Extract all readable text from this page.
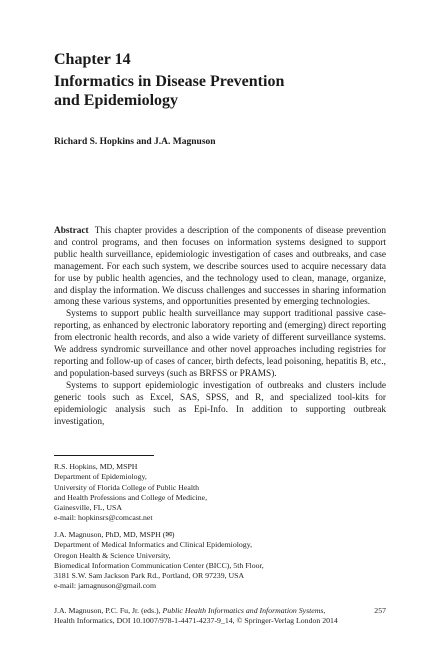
Chapter 14
Informatics in Disease Prevention
and Epidemiology
Richard S. Hopkins and J.A. Magnuson

Abstract This chapter provides a description of the components of disease prevention and control programs, and then focuses on information systems designed to support public health surveillance, epidemiologic investigation of cases and outbreaks, and case management. For each such system, we describe sources used to acquire necessary data for use by public health agencies, and the technology used to clean, manage, organize, and display the information. We discuss challenges and successes in sharing information among these various systems, and opportunities presented by emerging technologies.

Systems to support public health surveillance may support traditional passive case-reporting, as enhanced by electronic laboratory reporting and (emerging) direct reporting from electronic health records, and also a wide variety of different surveillance systems. We address syndromic surveillance and other novel approaches including registries for reporting and follow-up of cases of cancer, birth defects, lead poisoning, hepatitis B, etc., and population-based surveys (such as BRFSS or PRAMS).

Systems to support epidemiologic investigation of outbreaks and clusters include generic tools such as Excel, SAS, SPSS, and R, and specialized tool-kits for epidemiologic analysis such as Epi-Info. In addition to supporting outbreak investigation,

R.S. Hopkins, MD, MSPH
Department of Epidemiology,
University of Florida College of Public Health
and Health Professions and College of Medicine,
Gainesville, FL, USA
e-mail: hopkinsrs@comcast.net
J.A. Magnuson, PhD, MD, MSPH (✉)
Department of Medical Informatics and Clinical Epidemiology,
Oregon Health & Science University,
Biomedical Information Communication Center (BICC), 5th Floor,
3181 S.W. Sam Jackson Park Rd., Portland, OR 97239, USA
e-mail: jamagnuson@gmail.com
J.A. Magnuson, P.C. Fu, Jr. (eds.), Public Health Informatics and Information Systems,	257
Health Informatics, DOI 10.1007/978-1-4471-4237-9_14, © Springer-Verlag London 2014
